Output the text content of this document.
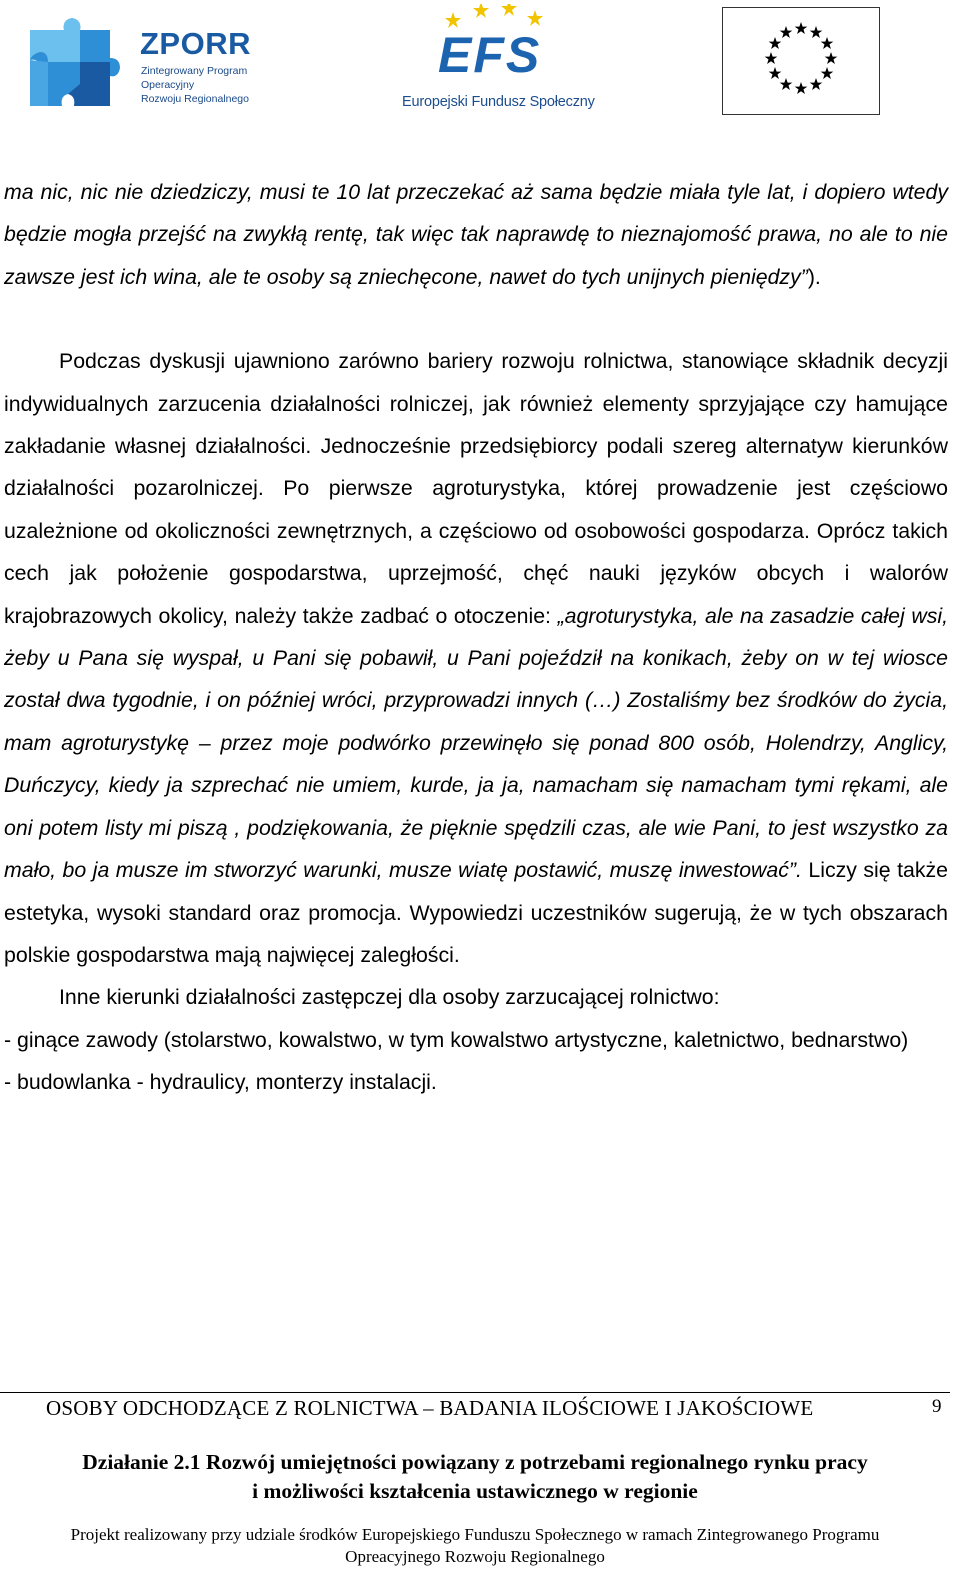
ZPORR
Zintegrowany Program
Operacyjny
Rozwoju Regionalnego
EFS
Europejski Fundusz Społeczny

ma nic, nic nie dziedziczy, musi te 10 lat przeczekać aż sama będzie miała tyle lat, i dopiero wtedy będzie mogła przejść na zwykłą rentę, tak więc tak naprawdę to nieznajomość prawa, no ale to nie zawsze jest ich wina, ale te osoby są zniechęcone, nawet do tych unijnych pieniędzy”).

Podczas dyskusji ujawniono zarówno bariery rozwoju rolnictwa, stanowiące składnik decyzji indywidualnych zarzucenia działalności rolniczej, jak również elementy sprzyjające czy hamujące zakładanie własnej działalności. Jednocześnie przedsiębiorcy podali szereg alternatyw kierunków działalności pozarolniczej. Po pierwsze agroturystyka, której prowadzenie jest częściowo uzależnione od okoliczności zewnętrznych, a częściowo od osobowości gospodarza. Oprócz takich cech jak położenie gospodarstwa, uprzejmość, chęć nauki języków obcych i walorów krajobrazowych okolicy, należy także zadbać o otoczenie: „agroturystyka, ale na zasadzie całej wsi, żeby u Pana się wyspał, u Pani się pobawił, u Pani pojeździł na konikach, żeby on w tej wiosce został dwa tygodnie, i on później wróci, przyprowadzi innych (…) Zostaliśmy bez środków do życia, mam agroturystykę – przez moje podwórko przewinęło się ponad 800 osób, Holendrzy, Anglicy, Duńczycy, kiedy ja szprechać nie umiem, kurde, ja ja, namacham się namacham tymi rękami, ale oni potem listy mi piszą , podziękowania, że pięknie spędzili czas, ale wie Pani, to jest wszystko za mało, bo ja musze im stworzyć warunki, musze wiatę postawić, muszę inwestować”. Liczy się także estetyka, wysoki standard oraz promocja. Wypowiedzi uczestników sugerują, że w tych obszarach polskie gospodarstwa mają najwięcej zaległości.

Inne kierunki działalności zastępczej dla osoby zarzucającej rolnictwo:

- ginące zawody (stolarstwo, kowalstwo, w tym kowalstwo artystyczne, kaletnictwo, bednarstwo)

- budowlanka - hydraulicy, monterzy instalacji.

OSOBY ODCHODZĄCE Z ROLNICTWA – BADANIA ILOŚCIOWE I JAKOŚCIOWE	9
Działanie 2.1 Rozwój umiejętności powiązany z potrzebami regionalnego rynku pracy
i możliwości kształcenia ustawicznego w regionie
Projekt realizowany przy udziale środków Europejskiego Funduszu Społecznego w ramach Zintegrowanego Programu
Opreacyjnego Rozwoju Regionalnego
